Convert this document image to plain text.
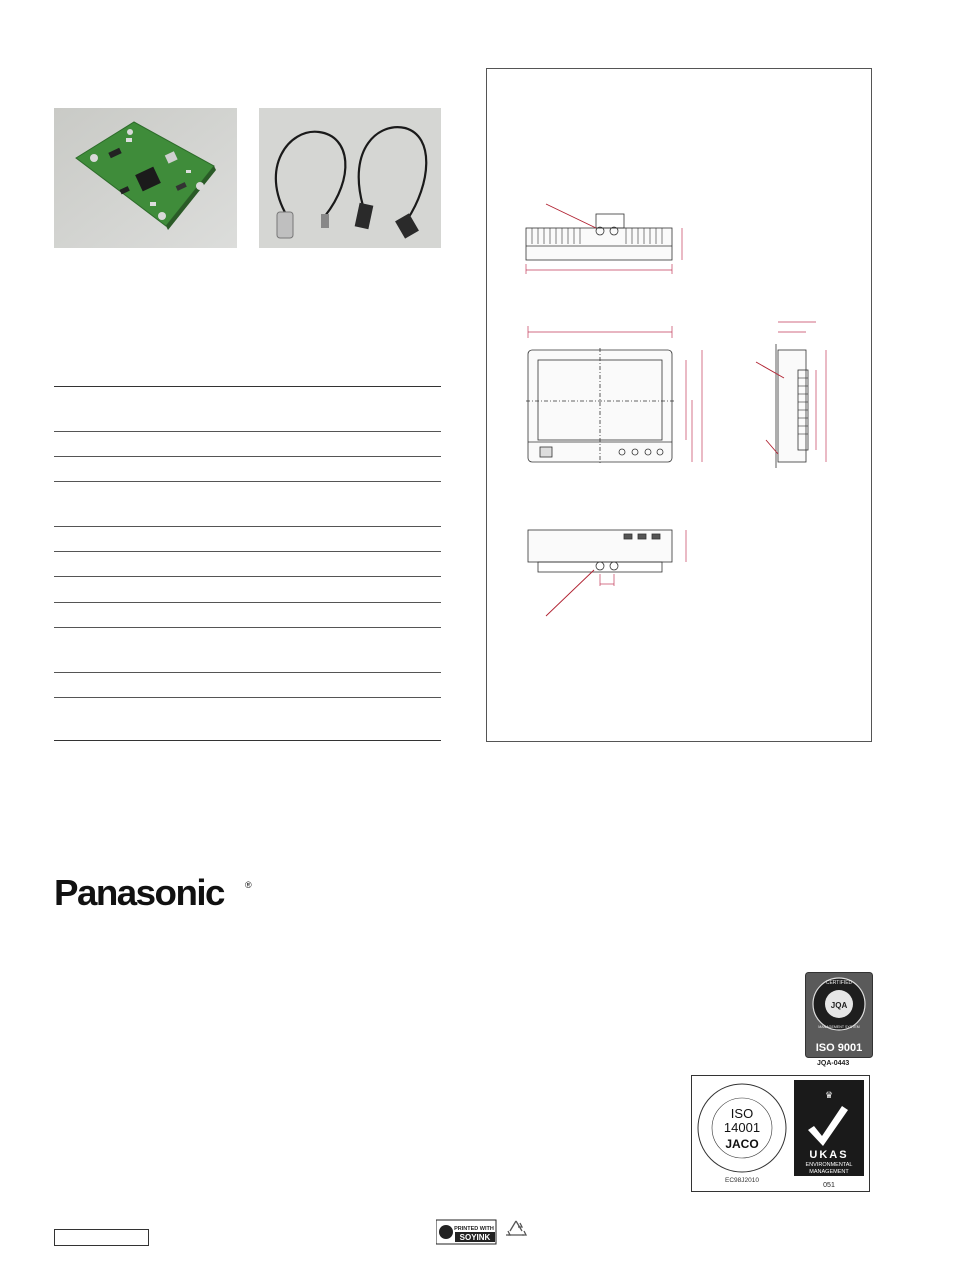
Panasonic ®
JQA
CERTIFIED
MANAGEMENT SYSTEM
ISO 9001
JQA-0443
ISO
14001
JACO
EC98J2010
♛
UKAS
ENVIRONMENTAL
MANAGEMENT
051
PRINTED WITH
SOYINK
